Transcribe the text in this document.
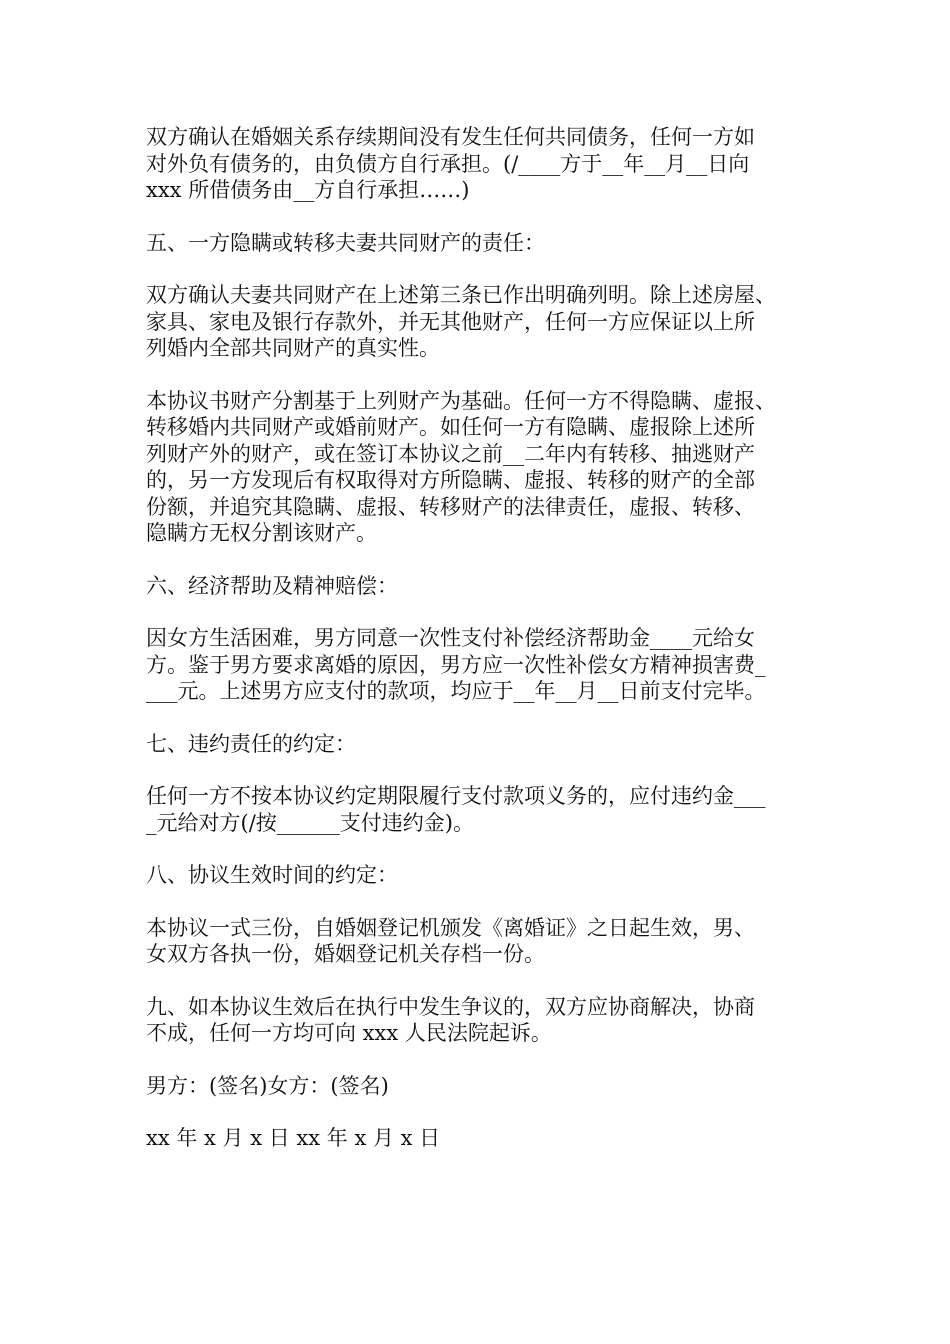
双方确认在婚姻关系存续期间没有发生任何共同债务，任何一方如
对外负有债务的，由负债方自行承担。(/____方于__年__月__日向
xxx 所借债务由__方自行承担……)

五、一方隐瞒或转移夫妻共同财产的责任：

双方确认夫妻共同财产在上述第三条已作出明确列明。除上述房屋、
家具、家电及银行存款外，并无其他财产，任何一方应保证以上所
列婚内全部共同财产的真实性。

本协议书财产分割基于上列财产为基础。任何一方不得隐瞒、虚报、
转移婚内共同财产或婚前财产。如任何一方有隐瞒、虚报除上述所
列财产外的财产，或在签订本协议之前__二年内有转移、抽逃财产
的，另一方发现后有权取得对方所隐瞒、虚报、转移的财产的全部
份额，并追究其隐瞒、虚报、转移财产的法律责任，虚报、转移、
隐瞒方无权分割该财产。

六、经济帮助及精神赔偿：

因女方生活困难，男方同意一次性支付补偿经济帮助金____元给女
方。鉴于男方要求离婚的原因，男方应一次性补偿女方精神损害费_
___元。上述男方应支付的款项，均应于__年__月__日前支付完毕。

七、违约责任的约定：

任何一方不按本协议约定期限履行支付款项义务的，应付违约金___
_元给对方(/按______支付违约金)。

八、协议生效时间的约定：

本协议一式三份，自婚姻登记机颁发《离婚证》之日起生效，男、
女双方各执一份，婚姻登记机关存档一份。

九、如本协议生效后在执行中发生争议的，双方应协商解决，协商
不成，任何一方均可向 xxx 人民法院起诉。

男方：(签名)女方：(签名)

xx 年 x 月 x 日 xx 年 x 月 x 日
